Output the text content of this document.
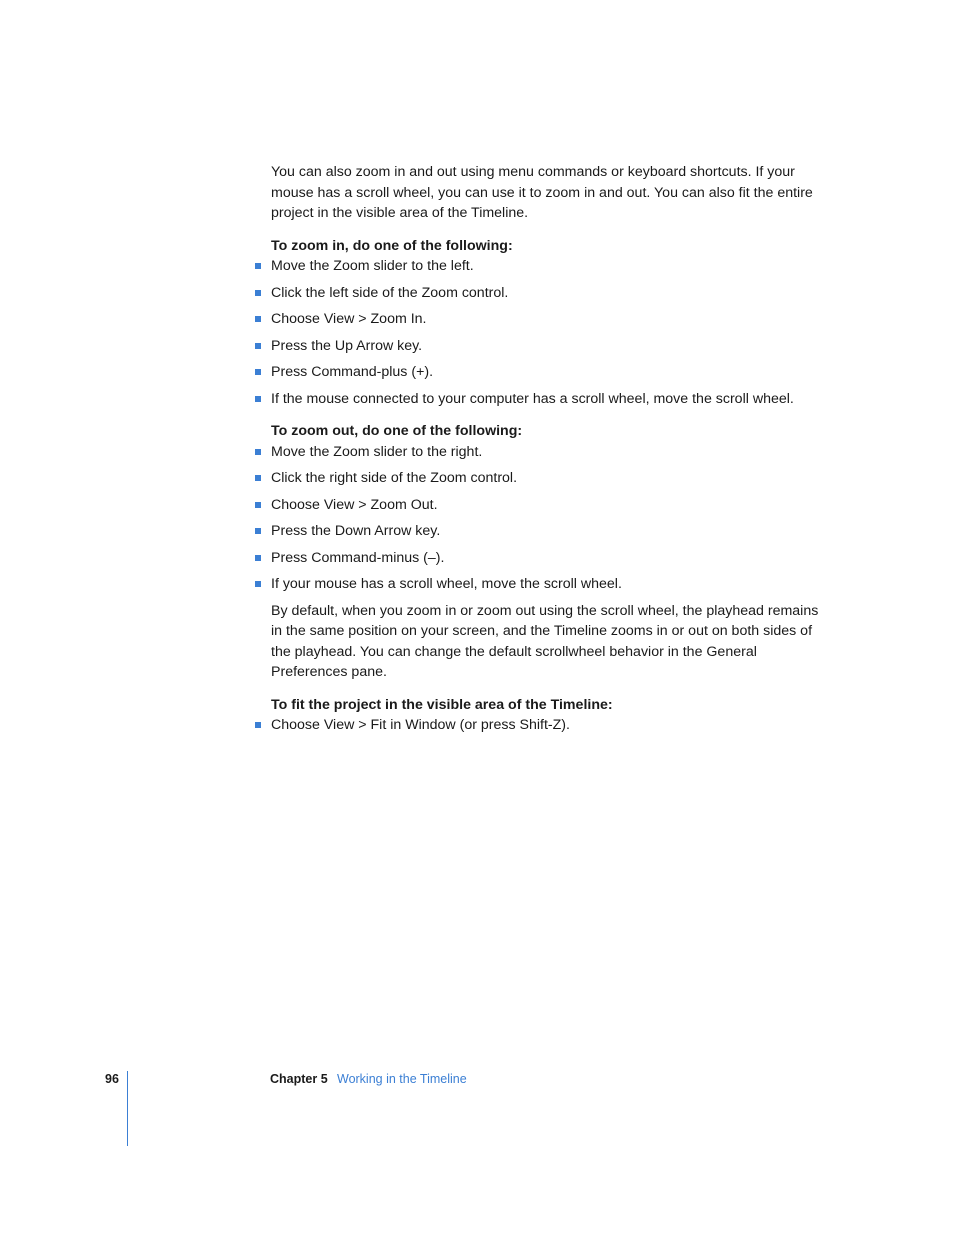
You can also zoom in and out using menu commands or keyboard shortcuts. If your mouse has a scroll wheel, you can use it to zoom in and out. You can also fit the entire project in the visible area of the Timeline.

To zoom in, do one of the following:

Move the Zoom slider to the left.
Click the left side of the Zoom control.
Choose View > Zoom In.
Press the Up Arrow key.
Press Command-plus (+).
If the mouse connected to your computer has a scroll wheel, move the scroll wheel.

To zoom out, do one of the following:

Move the Zoom slider to the right.
Click the right side of the Zoom control.
Choose View > Zoom Out.
Press the Down Arrow key.
Press Command-minus (–).
If your mouse has a scroll wheel, move the scroll wheel.

By default, when you zoom in or zoom out using the scroll wheel, the playhead remains in the same position on your screen, and the Timeline zooms in or out on both sides of the playhead. You can change the default scrollwheel behavior in the General Preferences pane.

To fit the project in the visible area of the Timeline:

Choose View > Fit in Window (or press Shift-Z).
96	Chapter 5 Working in the Timeline
